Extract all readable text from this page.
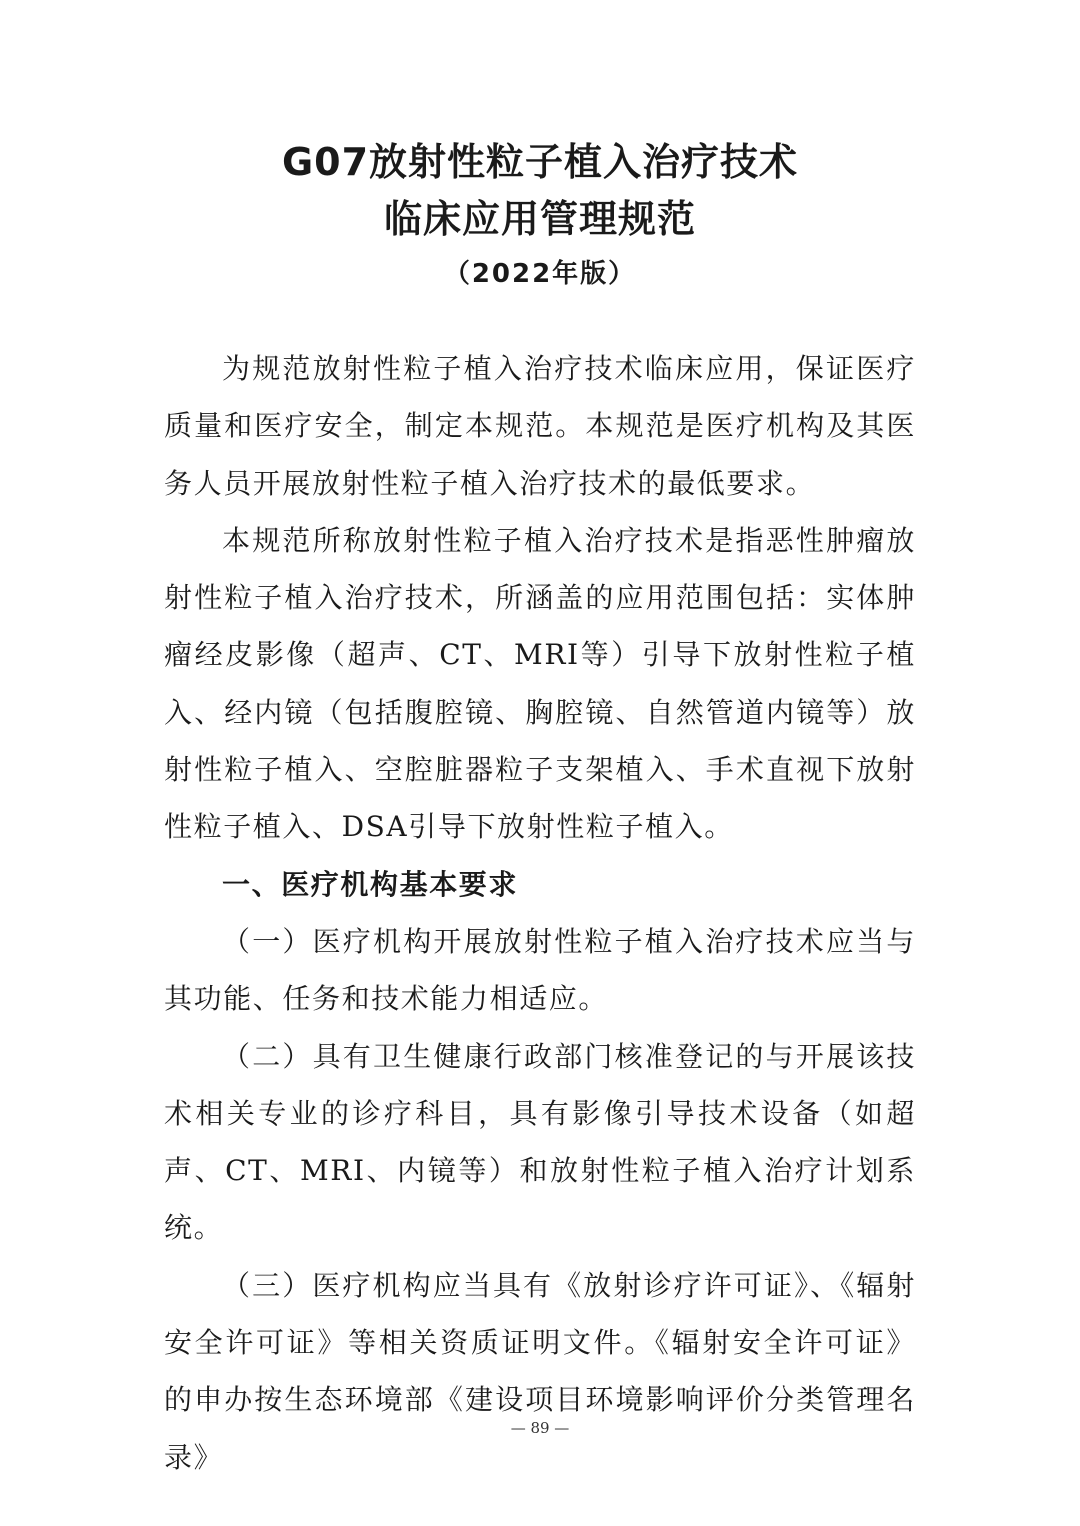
G07放射性粒子植入治疗技术
临床应用管理规范
（2022年版）

为规范放射性粒子植入治疗技术临床应用，保证医疗质量和医疗安全，制定本规范。本规范是医疗机构及其医务人员开展放射性粒子植入治疗技术的最低要求。

本规范所称放射性粒子植入治疗技术是指恶性肿瘤放射性粒子植入治疗技术，所涵盖的应用范围包括：实体肿瘤经皮影像（超声、CT、MRI等）引导下放射性粒子植入、经内镜（包括腹腔镜、胸腔镜、自然管道内镜等）放射性粒子植入、空腔脏器粒子支架植入、手术直视下放射性粒子植入、DSA引导下放射性粒子植入。

一、医疗机构基本要求

（一）医疗机构开展放射性粒子植入治疗技术应当与其功能、任务和技术能力相适应。

（二）具有卫生健康行政部门核准登记的与开展该技术相关专业的诊疗科目，具有影像引导技术设备（如超声、CT、MRI、内镜等）和放射性粒子植入治疗计划系统。

（三）医疗机构应当具有《放射诊疗许可证》、《辐射安全许可证》等相关资质证明文件。《辐射安全许可证》的申办按生态环境部《建设项目环境影响评价分类管理名录》

— 89 —
